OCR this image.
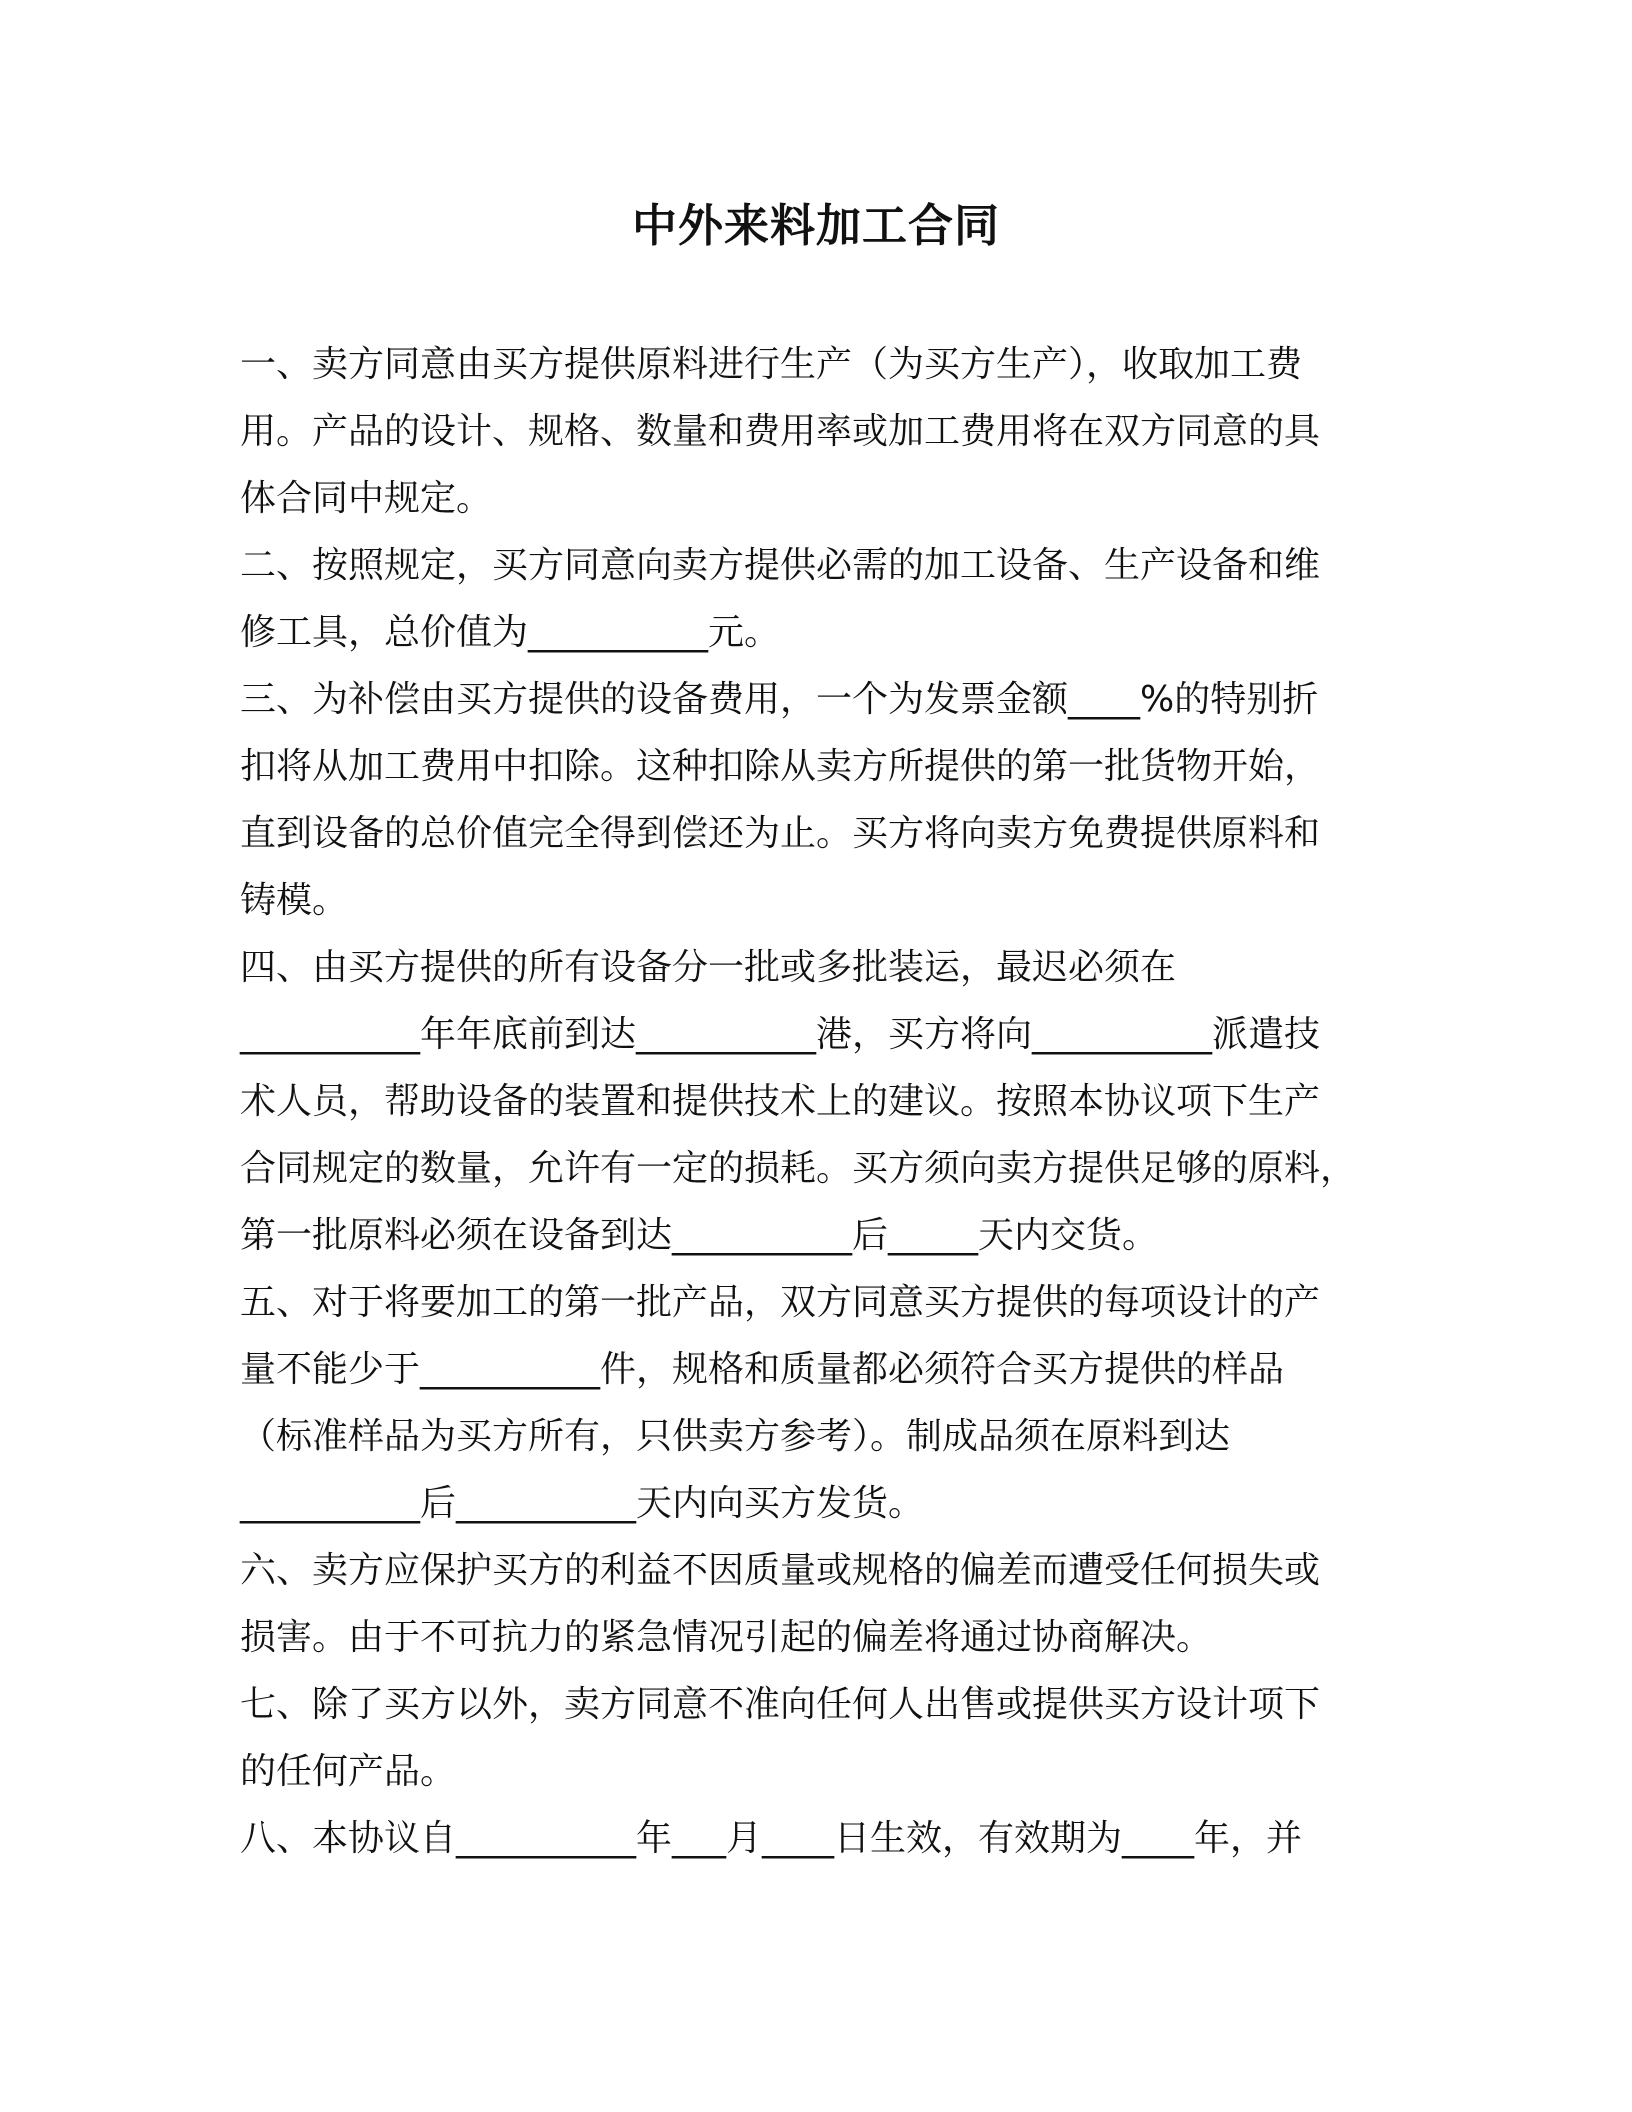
中外来料加工合同
一、卖方同意由买方提供原料进行生产（为买方生产），收取加工费
用。产品的设计、规格、数量和费用率或加工费用将在双方同意的具
体合同中规定。
二、按照规定，买方同意向卖方提供必需的加工设备、生产设备和维
修工具，总价值为__________元。
三、为补偿由买方提供的设备费用，一个为发票金额____%的特别折
扣将从加工费用中扣除。这种扣除从卖方所提供的第一批货物开始，
直到设备的总价值完全得到偿还为止。买方将向卖方免费提供原料和
铸模。
四、由买方提供的所有设备分一批或多批装运，最迟必须在
__________年年底前到达__________港，买方将向__________派遣技
术人员，帮助设备的装置和提供技术上的建议。按照本协议项下生产
合同规定的数量，允许有一定的损耗。买方须向卖方提供足够的原料，
第一批原料必须在设备到达__________后_____天内交货。
五、对于将要加工的第一批产品，双方同意买方提供的每项设计的产
量不能少于__________件，规格和质量都必须符合买方提供的样品
（标准样品为买方所有，只供卖方参考）。制成品须在原料到达
__________后__________天内向买方发货。
六、卖方应保护买方的利益不因质量或规格的偏差而遭受任何损失或
损害。由于不可抗力的紧急情况引起的偏差将通过协商解决。
七、除了买方以外，卖方同意不准向任何人出售或提供买方设计项下
的任何产品。
八、本协议自__________年___月____日生效，有效期为____年，并
